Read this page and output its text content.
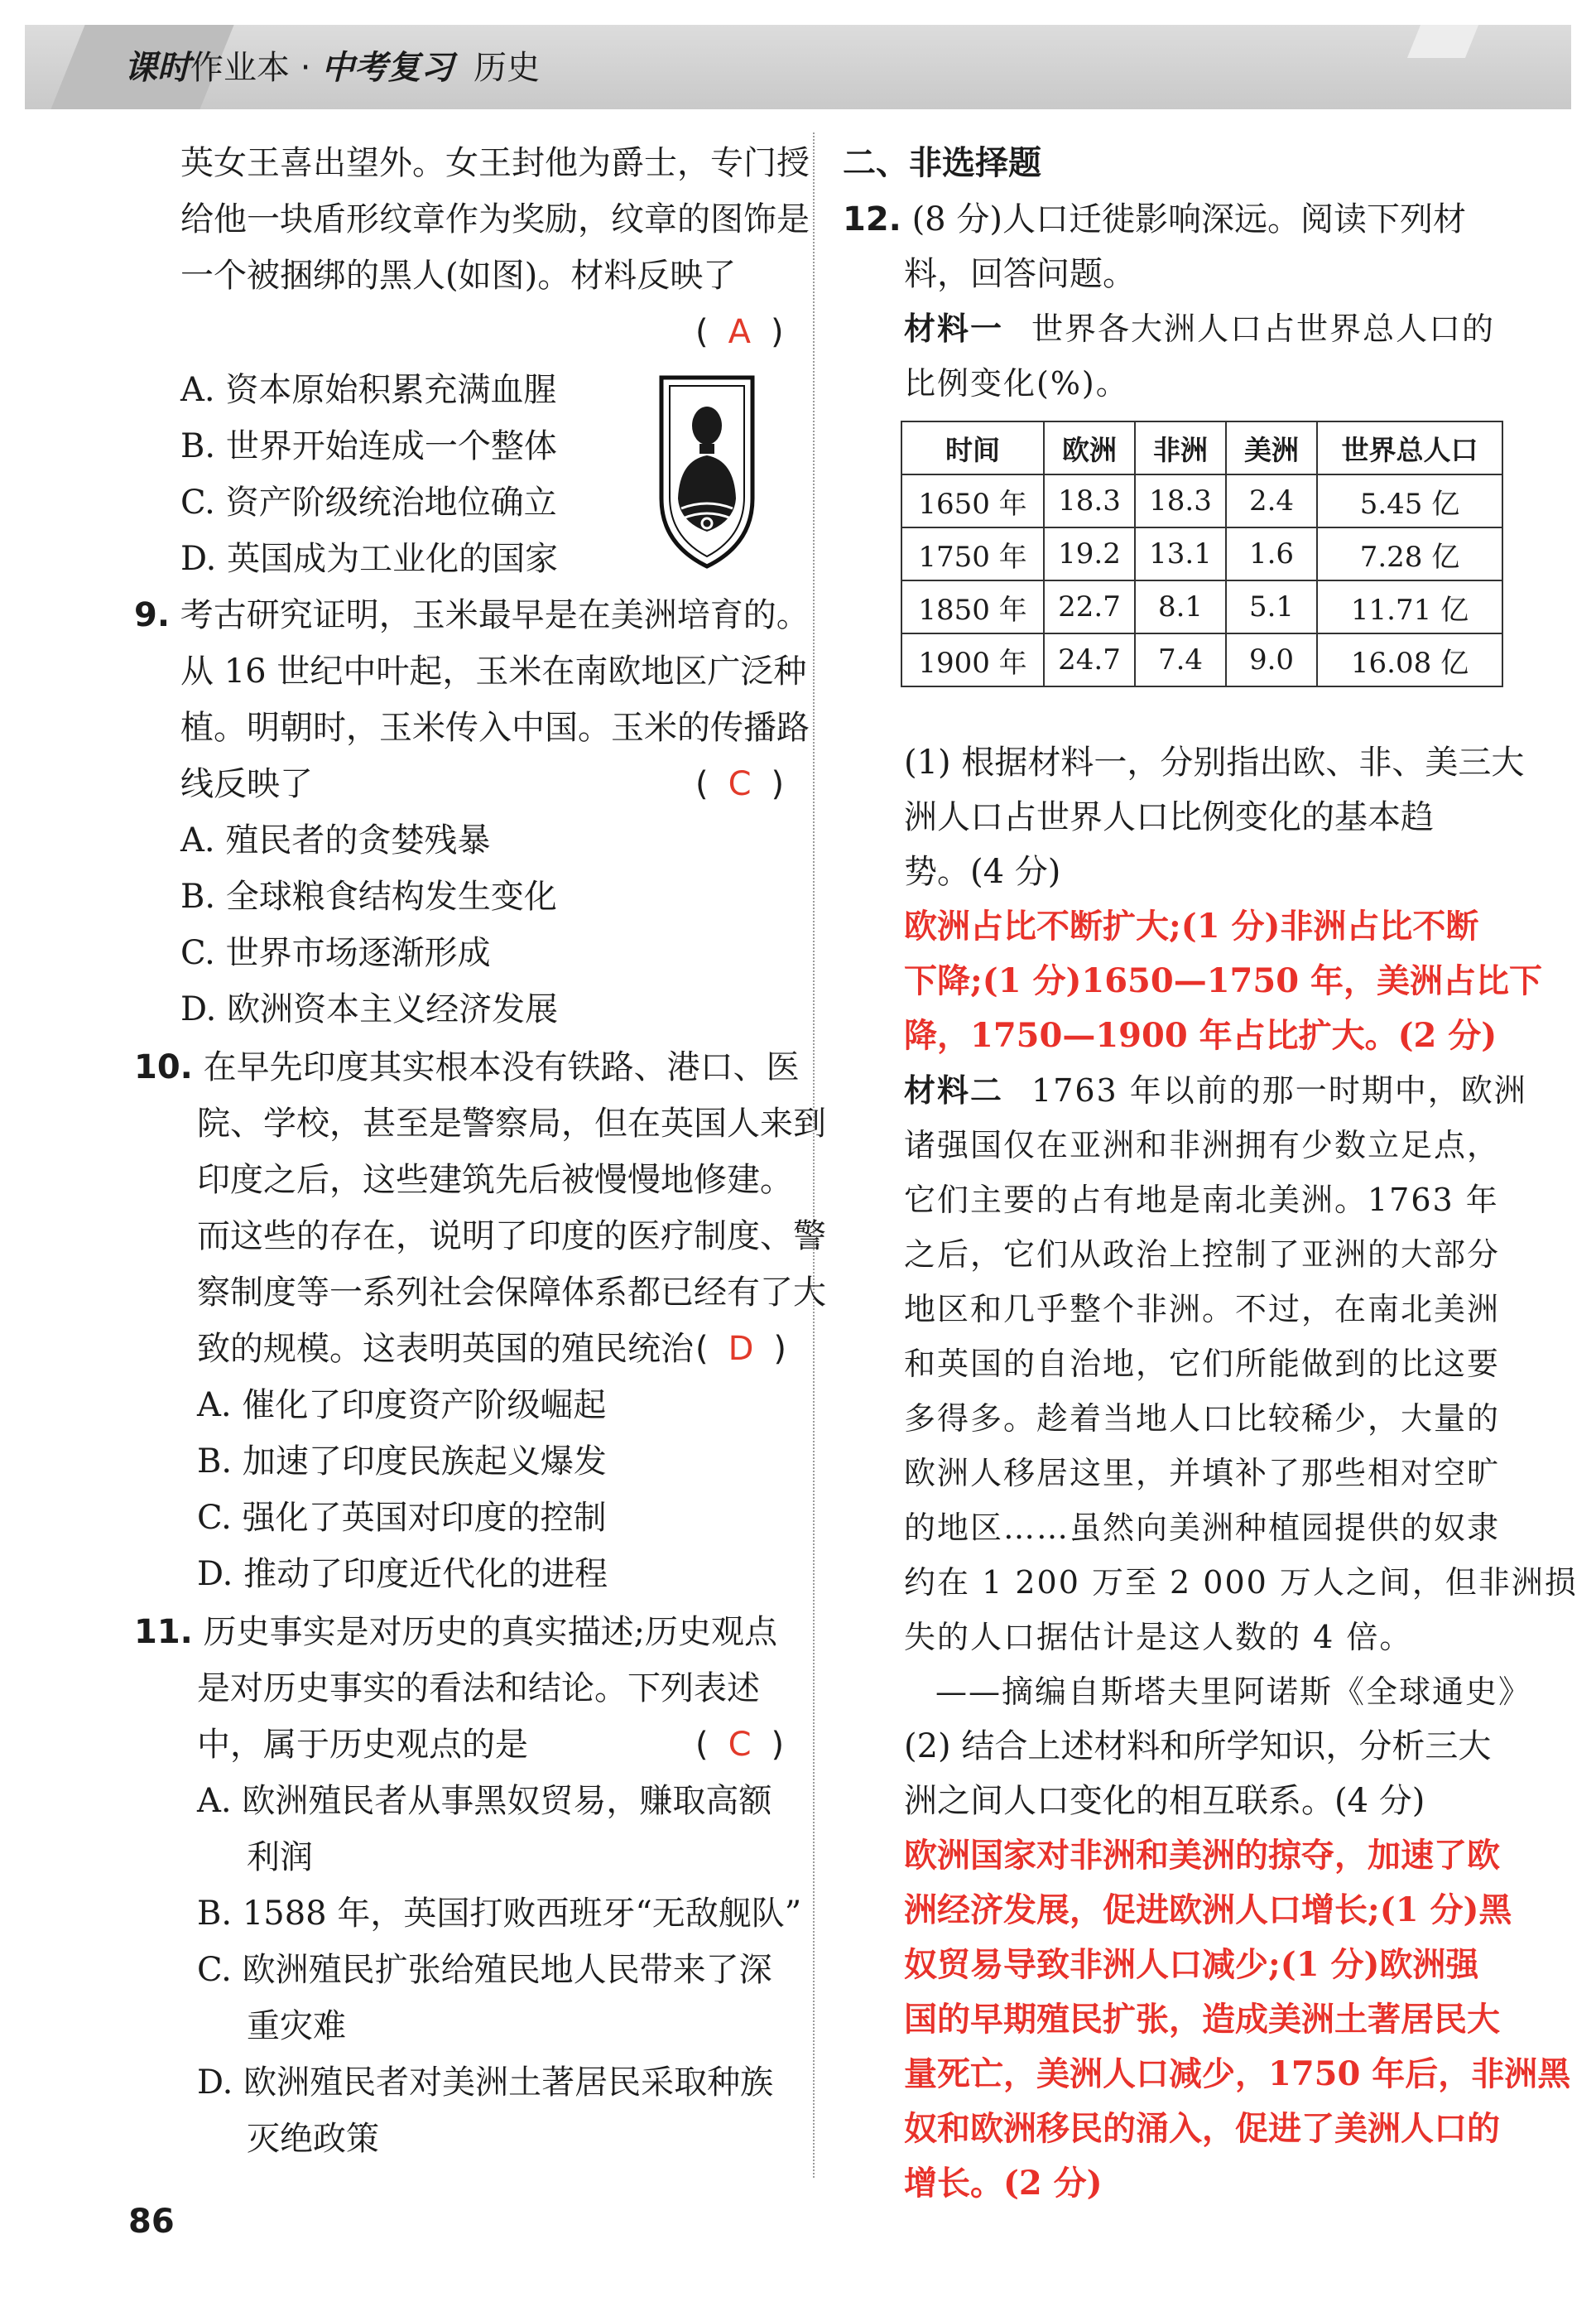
课时作业本 · 中考复习 历史
英女王喜出望外。女王封他为爵士，专门授
给他一块盾形纹章作为奖励，纹章的图饰是
一个被捆绑的黑人(如图)。材料反映了
( A )
A. 资本原始积累充满血腥
B. 世界开始连成一个整体
C. 资产阶级统治地位确立
D. 英国成为工业化的国家
9. 考古研究证明，玉米最早是在美洲培育的。
从 16 世纪中叶起，玉米在南欧地区广泛种
植。明朝时，玉米传入中国。玉米的传播路
线反映了	( C )
A. 殖民者的贪婪残暴
B. 全球粮食结构发生变化
C. 世界市场逐渐形成
D. 欧洲资本主义经济发展
10. 在早先印度其实根本没有铁路、港口、医
院、学校，甚至是警察局，但在英国人来到
印度之后，这些建筑先后被慢慢地修建。
而这些的存在，说明了印度的医疗制度、警
察制度等一系列社会保障体系都已经有了大
致的规模。这表明英国的殖民统治 ( D )
A. 催化了印度资产阶级崛起
B. 加速了印度民族起义爆发
C. 强化了英国对印度的控制
D. 推动了印度近代化的进程
11. 历史事实是对历史的真实描述;历史观点
是对历史事实的看法和结论。下列表述
中，属于历史观点的是	( C )
A. 欧洲殖民者从事黑奴贸易，赚取高额
利润
B. 1588 年，英国打败西班牙“无敌舰队”
C. 欧洲殖民扩张给殖民地人民带来了深
重灾难
D. 欧洲殖民者对美洲土著居民采取种族
灭绝政策
二、非选择题
12. (8 分)人口迁徙影响深远。阅读下列材
料，回答问题。
材料一 世界各大洲人口占世界总人口的
比例变化(%)。
时间	欧洲	非洲	美洲	世界总人口
1650 年	18.3	18.3	2.4	5.45 亿
1750 年	19.2	13.1	1.6	7.28 亿
1850 年	22.7	8.1	5.1	11.71 亿
1900 年	24.7	7.4	9.0	16.08 亿
(1) 根据材料一，分别指出欧、非、美三大
洲人口占世界人口比例变化的基本趋
势。(4 分)
欧洲占比不断扩大;(1 分)非洲占比不断
下降;(1 分)1650—1750 年，美洲占比下
降，1750—1900 年占比扩大。(2 分)
材料二 1763 年以前的那一时期中，欧洲
诸强国仅在亚洲和非洲拥有少数立足点，
它们主要的占有地是南北美洲。1763 年
之后，它们从政治上控制了亚洲的大部分
地区和几乎整个非洲。不过，在南北美洲
和英国的自治地，它们所能做到的比这要
多得多。趁着当地人口比较稀少，大量的
欧洲人移居这里，并填补了那些相对空旷
的地区……虽然向美洲种植园提供的奴隶
约在 1 200 万至 2 000 万人之间，但非洲损
失的人口据估计是这人数的 4 倍。
——摘编自斯塔夫里阿诺斯《全球通史》
(2) 结合上述材料和所学知识，分析三大
洲之间人口变化的相互联系。(4 分)
欧洲国家对非洲和美洲的掠夺，加速了欧
洲经济发展，促进欧洲人口增长;(1 分)黑
奴贸易导致非洲人口减少;(1 分)欧洲强
国的早期殖民扩张，造成美洲土著居民大
量死亡，美洲人口减少，1750 年后，非洲黑
奴和欧洲移民的涌入，促进了美洲人口的
增长。(2 分)
86
